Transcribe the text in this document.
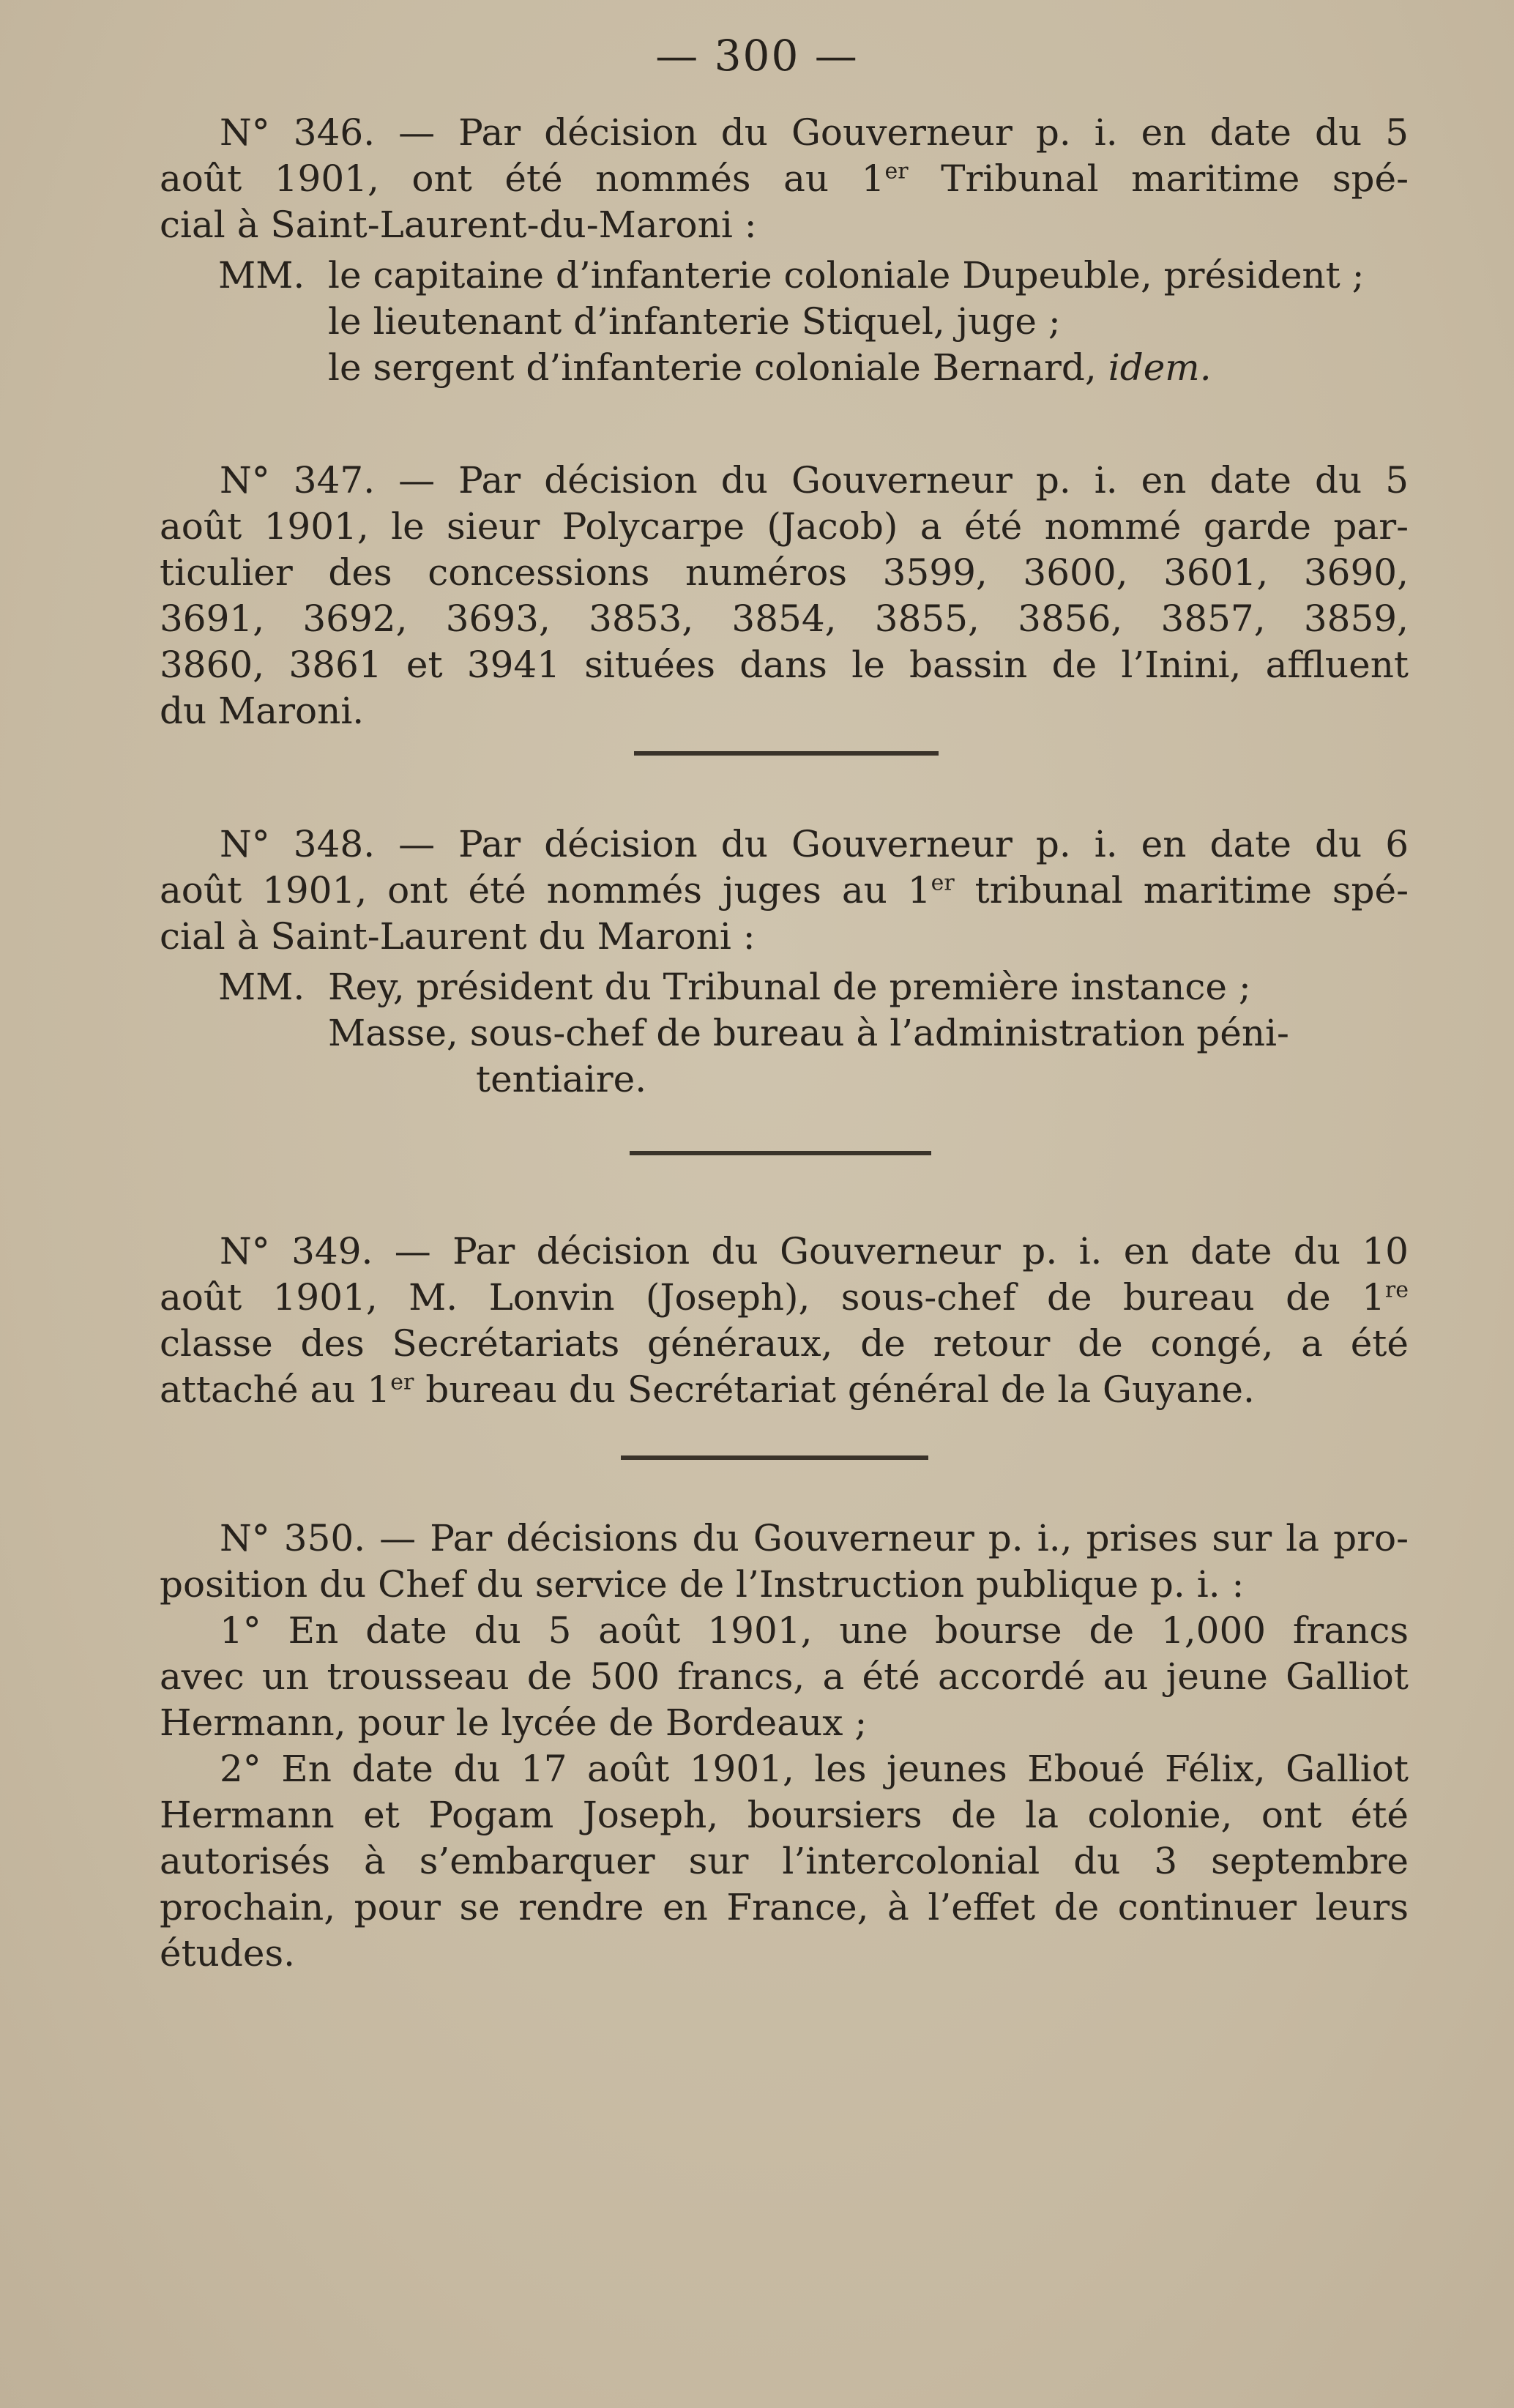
— 300 —
N° 346. — Par décision du Gouverneur p. i. en date du 5
août 1901, ont été nommés au 1er Tribunal maritime spé-
cial à Saint-Laurent-du-Maroni :
MM. le capitaine d’infanterie coloniale Dupeuble, président ;
le lieutenant d’infanterie Stiquel, juge ;
le sergent d’infanterie coloniale Bernard, idem.
N° 347. — Par décision du Gouverneur p. i. en date du 5
août 1901, le sieur Polycarpe (Jacob) a été nommé garde par-
ticulier des concessions numéros 3599, 3600, 3601, 3690,
3691, 3692, 3693, 3853, 3854, 3855, 3856, 3857, 3859,
3860, 3861 et 3941 situées dans le bassin de l’Inini, affluent
du Maroni.
N° 348. — Par décision du Gouverneur p. i. en date du 6
août 1901, ont été nommés juges au 1er tribunal maritime spé-
cial à Saint-Laurent du Maroni :
MM. Rey, président du Tribunal de première instance ;
Masse, sous-chef de bureau à l’administration péni-
tentiaire.
N° 349. — Par décision du Gouverneur p. i. en date du 10
août 1901, M. Lonvin (Joseph), sous-chef de bureau de 1re
classe des Secrétariats généraux, de retour de congé, a été
attaché au 1er bureau du Secrétariat général de la Guyane.
N° 350. — Par décisions du Gouverneur p. i., prises sur la pro-
position du Chef du service de l’Instruction publique p. i. :
1° En date du 5 août 1901, une bourse de 1,000 francs
avec un trousseau de 500 francs, a été accordé au jeune Galliot
Hermann, pour le lycée de Bordeaux ;
2° En date du 17 août 1901, les jeunes Eboué Félix, Galliot
Hermann et Pogam Joseph, boursiers de la colonie, ont été
autorisés à s’embarquer sur l’intercolonial du 3 septembre
prochain, pour se rendre en France, à l’effet de continuer leurs
études.
